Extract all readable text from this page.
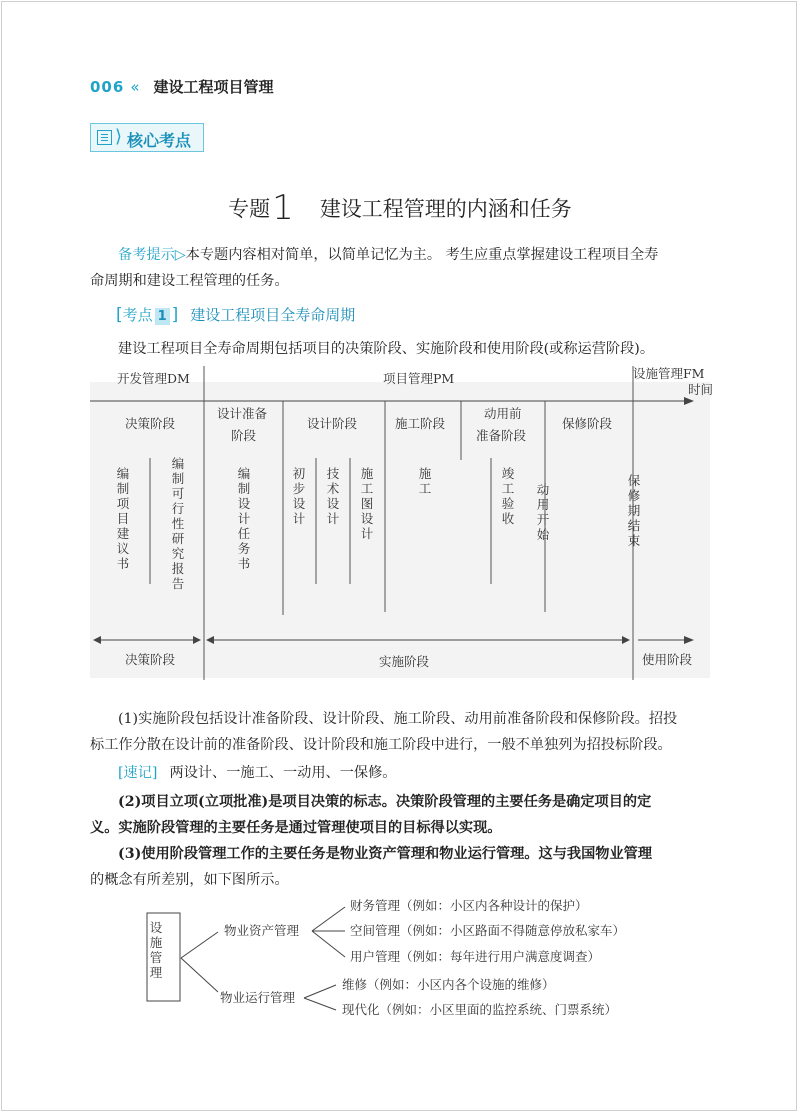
006 « 建设工程项目管理
⟩ 核心考点
专题1 建设工程管理的内涵和任务
备考提示▷本专题内容相对简单，以简单记忆为主。 考生应重点掌握建设工程项目全寿
命周期和建设工程管理的任务。
[考点 1 ] 建设工程项目全寿命周期
建设工程项目全寿命周期包括项目的决策阶段、实施阶段和使用阶段(或称运营阶段)。
开发管理DM	项目管理PM	设施管理FM
时间
决策阶段
设计准备
阶段
设计阶段	施工阶段
动用前
准备阶段
保修阶段
编制项目建议书
编制可行性研究报告
编制设计任务书
初步设计
技术设计
施工图设计
施工
竣工验收
动用开始
保修期结束
决策阶段	实施阶段	使用阶段
设施管理
物业资产管理
物业运行管理
财务管理（例如：小区内各种设计的保护）
空间管理（例如：小区路面不得随意停放私家车）
用户管理（例如：每年进行用户满意度调查）
维修（例如：小区内各个设施的维修）
现代化（例如：小区里面的监控系统、门票系统）
(1)实施阶段包括设计准备阶段、设计阶段、施工阶段、动用前准备阶段和保修阶段。招投
标工作分散在设计前的准备阶段、设计阶段和施工阶段中进行，一般不单独列为招投标阶段。
[速记] 两设计、一施工、一动用、一保修。
(2)项目立项(立项批准)是项目决策的标志。决策阶段管理的主要任务是确定项目的定
义。实施阶段管理的主要任务是通过管理使项目的目标得以实现。
(3)使用阶段管理工作的主要任务是物业资产管理和物业运行管理。这与我国物业管理
的概念有所差别，如下图所示。
